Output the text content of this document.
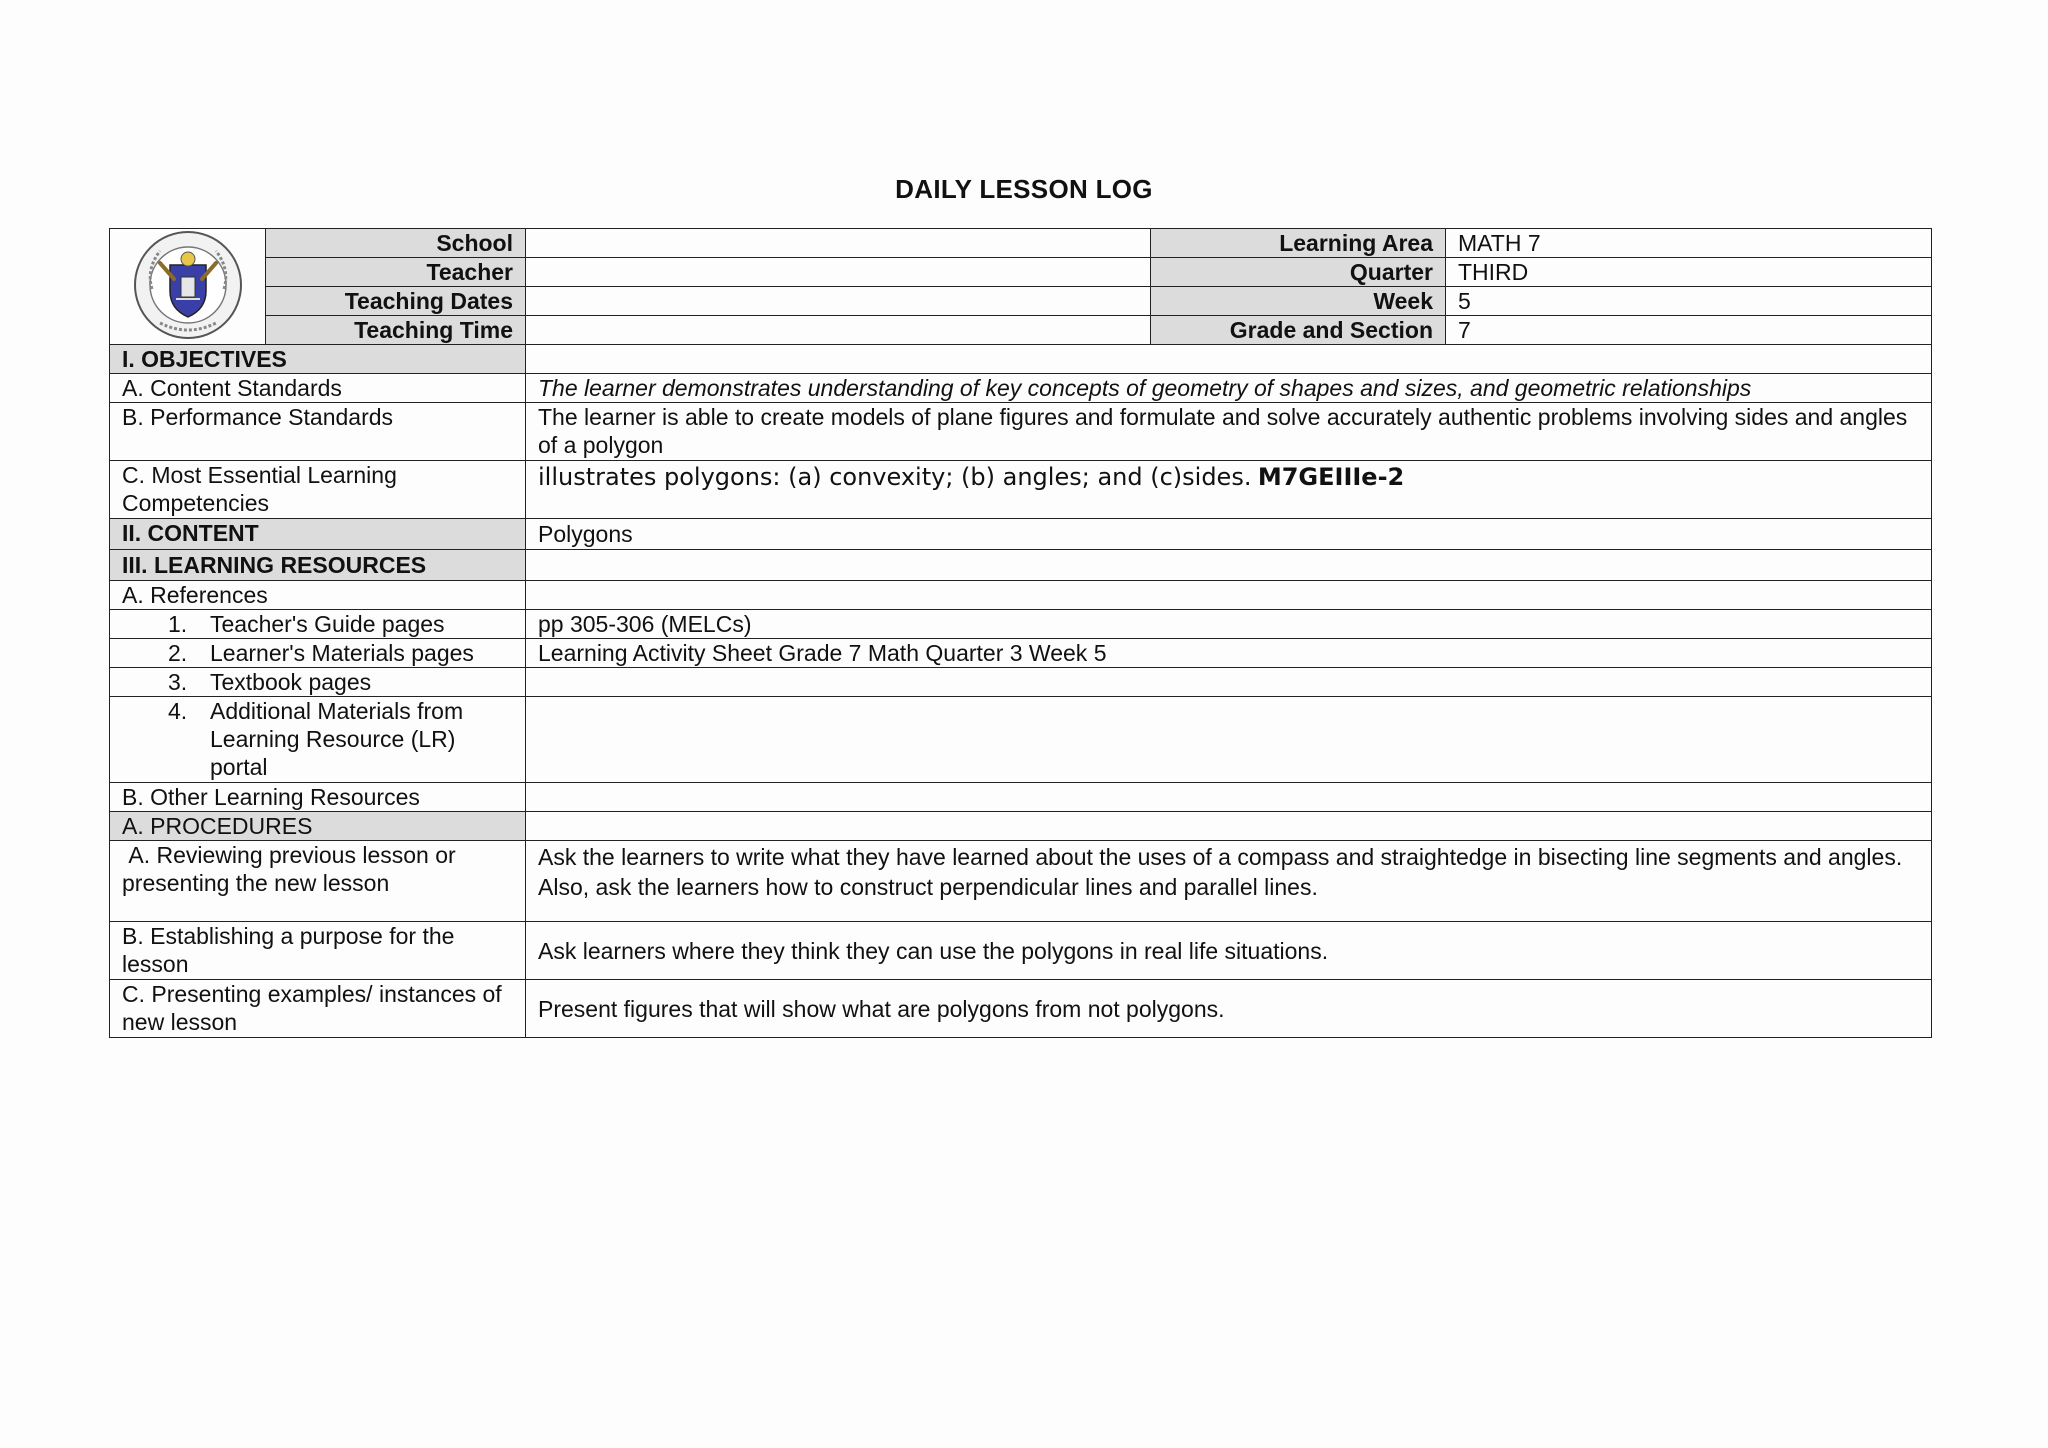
DAILY LESSON LOG
	School		Learning Area	MATH 7
	Teacher		Quarter	THIRD
	Teaching Dates		Week	5
	Teaching Time		Grade and Section	7
I. OBJECTIVES				
A. Content Standards		The learner demonstrates understanding of key concepts of geometry of shapes and sizes, and geometric relationships		
B. Performance Standards		The learner is able to create models of plane figures and formulate and solve accurately authentic problems involving sides and angles of a polygon		
C. Most Essential Learning Competencies		illustrates polygons: (a) convexity; (b) angles; and (c)sides. M7GEIIIe-2		
II. CONTENT		Polygons		
III. LEARNING RESOURCES				
A. References				

1. Teacher's Guide pages		pp 305-306 (MELCs)		

2. Learner's Materials pages		Learning Activity Sheet Grade 7 Math Quarter 3 Week 5		

3. Textbook pages				

4. Additional Materials from Learning Resource (LR) portal				

B. Other Learning Resources				
A. PROCEDURES				
A. Reviewing previous lesson or presenting the new lesson		Ask the learners to write what they have learned about the uses of a compass and straightedge in bisecting line segments and angles. Also, ask the learners how to construct perpendicular lines and parallel lines.		
B. Establishing a purpose for the lesson		Ask learners where they think they can use the polygons in real life situations.		
C. Presenting examples/ instances of new lesson		Present figures that will show what are polygons from not polygons.		
